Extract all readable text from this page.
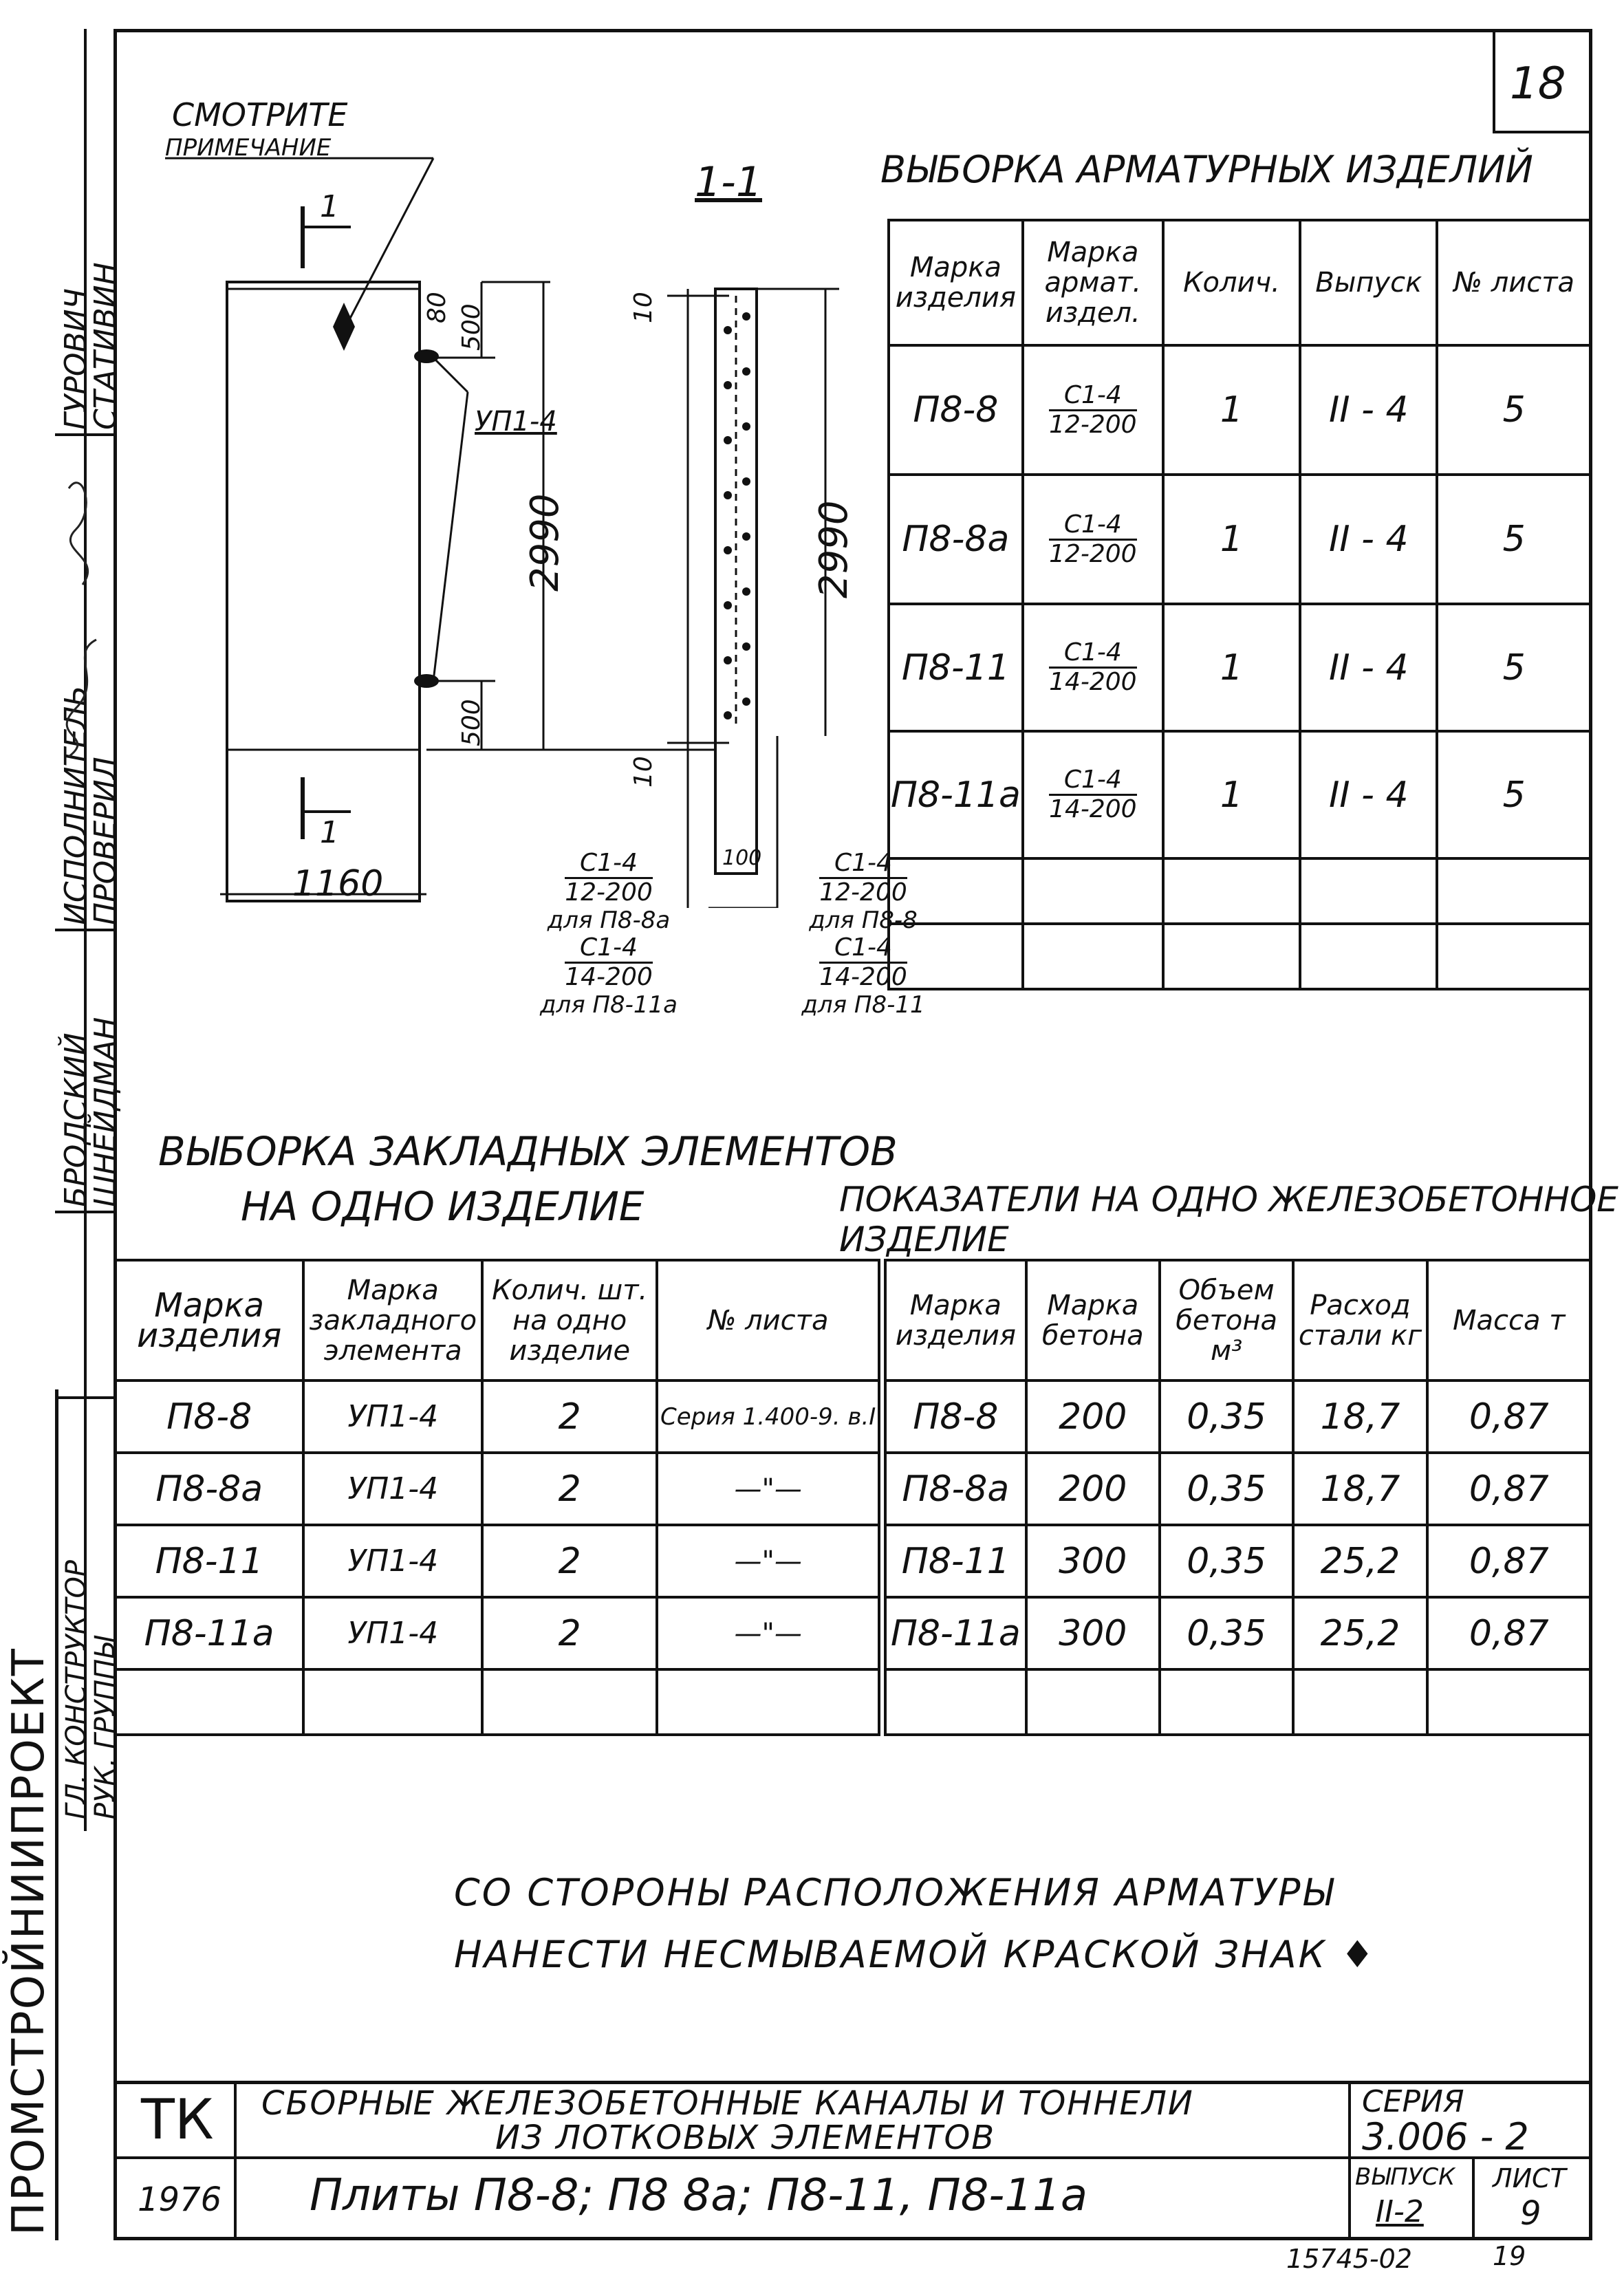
18
ПРОМСТРОЙНИИПРОЕКТ ГЛ. КОНСТРУКТОР
РУК. ГРУППЫ
ИСПОЛНИТЕЛЬ
ПРОВЕРИЛ
БРОДСКИЙ
ШНЕЙДМАН
ГУРОВИЧ
СТАТИВИН
СМОТРИТЕ
ПРИМЕЧАНИЕ
1-1
1
1
1160
80 500
2990
500
УП1-4
10
10
2990
100
$\frac{С1-4}{12-200}$
для П8-8а
$\frac{С1-4}{14-200}$
для П8-11а
$\frac{С1-4}{12-200}$
для П8-8
$\frac{С1-4}{14-200}$
для П8-11
ВЫБОРКА АРМАТУРНЫХ ИЗДЕЛИЙ
Марка изделия	Марка армат. издел.	Колич.	Выпуск	№ листа
П8-8	$\frac{С1-4}{12-200}$	1	II - 4	5
П8-8а	$\frac{С1-4}{12-200}$	1	II - 4	5
П8-11	$\frac{С1-4}{14-200}$	1	II - 4	5
П8-11а	$\frac{С1-4}{14-200}$	1	II - 4	5

ВЫБОРКА ЗАКЛАДНЫХ ЭЛЕМЕНТОВ
НА ОДНО ИЗДЕЛИЕ
Марка изделия	Марка закладного элемента	Колич. шт. на одно изделие	№ листа
П8-8	УП1-4	2	Серия 1.400-9. в.I
П8-8а	УП1-4	2	—"—
П8-11	УП1-4	2	—"—
П8-11а	УП1-4	2	—"—

ПОКАЗАТЕЛИ НА ОДНО ЖЕЛЕЗОБЕТОННОЕ ИЗДЕЛИЕ
Марка изделия	Марка бетона	Объем бетона м³	Расход стали кг	Масса т
П8-8	200	0,35	18,7	0,87
П8-8а	200	0,35	18,7	0,87
П8-11	300	0,35	25,2	0,87
П8-11а	300	0,35	25,2	0,87

СО СТОРОНЫ РАСПОЛОЖЕНИЯ АРМАТУРЫ
НАНЕСТИ НЕСМЫВАЕМОЙ КРАСКОЙ ЗНАК ♦
ТК
1976
СБОРНЫЕ ЖЕЛЕЗОБЕТОННЫЕ КАНАЛЫ И ТОННЕЛИ
ИЗ ЛОТКОВЫХ ЭЛЕМЕНТОВ
Плиты П8-8; П8 8а; П8-11, П8-11а
СЕРИЯ
3.006 - 2
ВЫПУСК
II-2
ЛИСТ
9
15745-02	19
